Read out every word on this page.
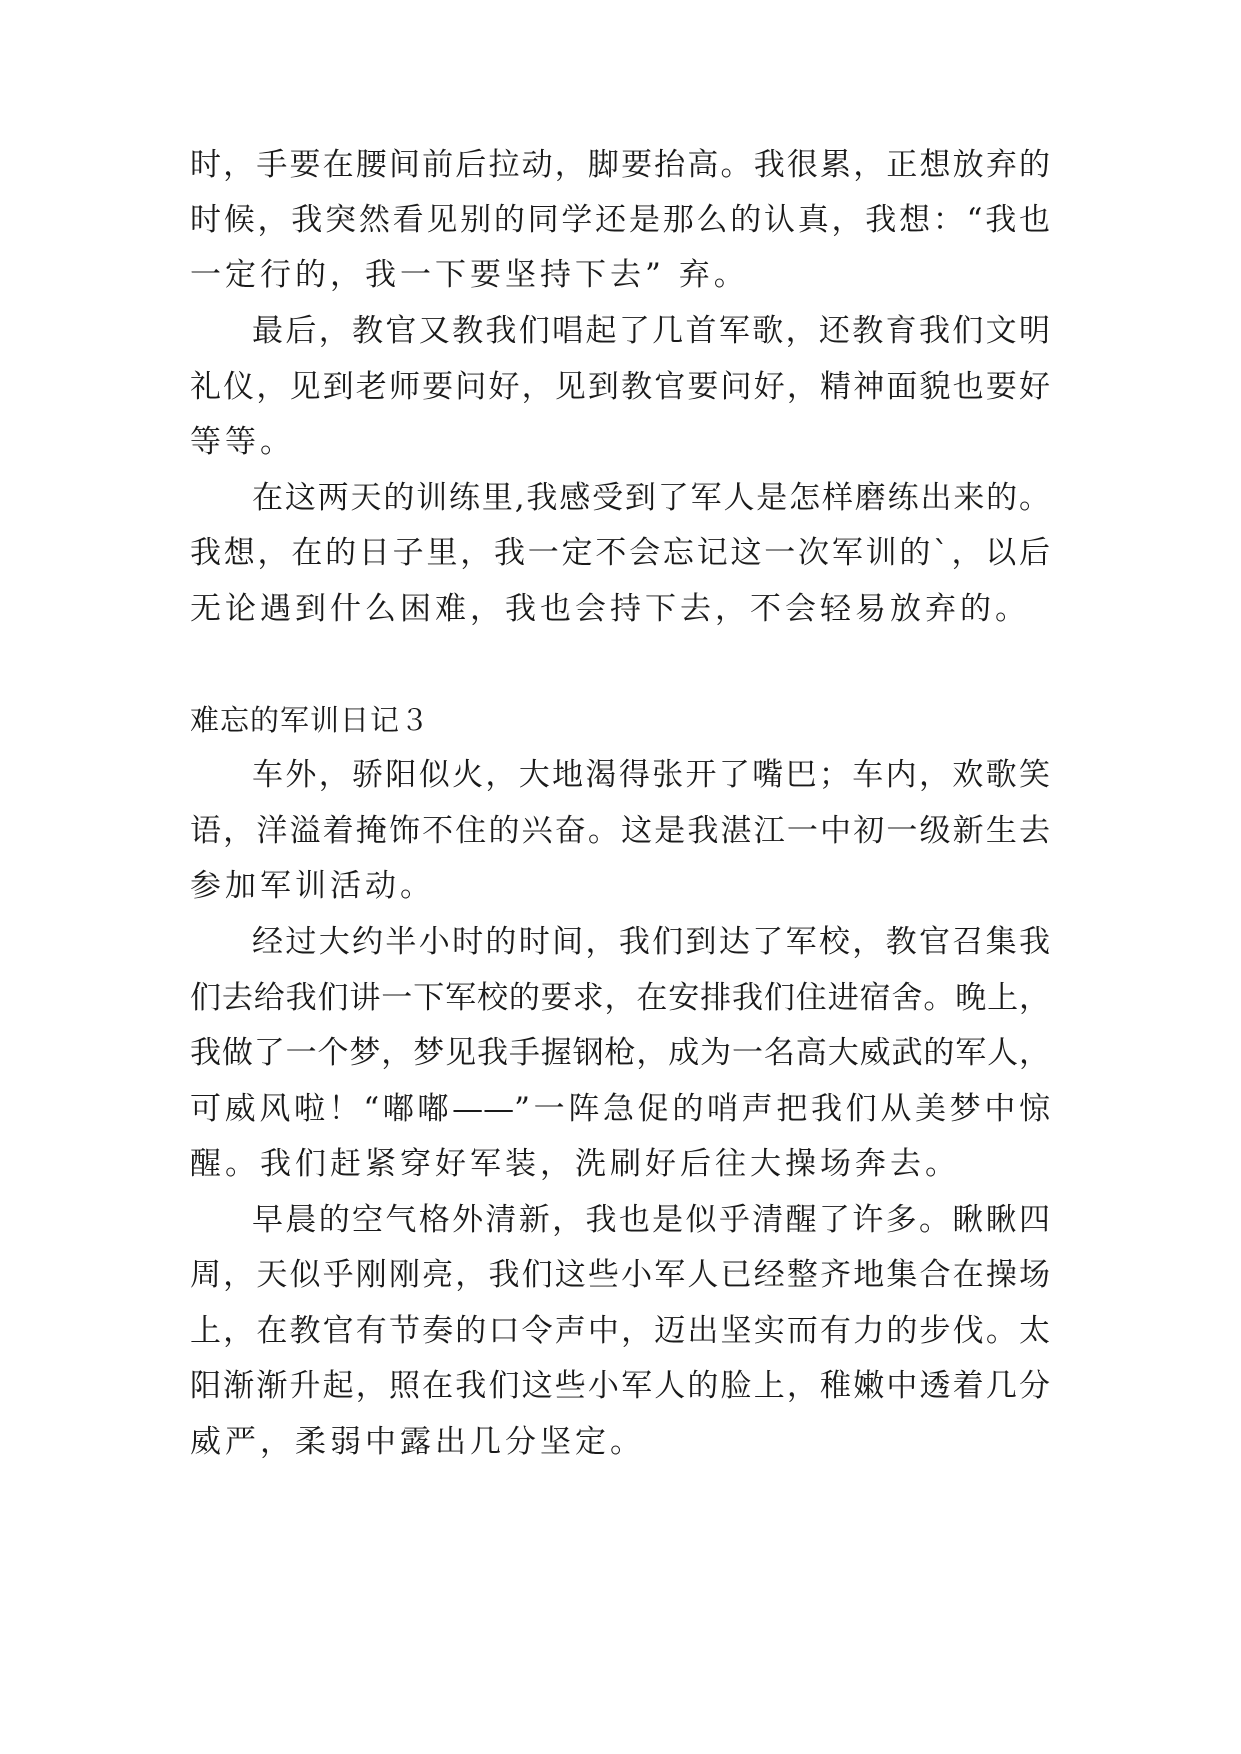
时，手要在腰间前后拉动，脚要抬高。我很累，正想放弃的
时候，我突然看见别的同学还是那么的认真，我想：“我也
一定行的，我一下要坚持下去” 弃。
最后，教官又教我们唱起了几首军歌，还教育我们文明
礼仪，见到老师要问好，见到教官要问好，精神面貌也要好
等等。
在这两天的训练里,我感受到了军人是怎样磨练出来的。
我想，在的日子里，我一定不会忘记这一次军训的`，以后
无论遇到什么困难，我也会持下去，不会轻易放弃的。
难忘的军训日记３
车外，骄阳似火，大地渴得张开了嘴巴；车内，欢歌笑
语，洋溢着掩饰不住的兴奋。这是我湛江一中初一级新生去
参加军训活动。
经过大约半小时的时间，我们到达了军校，教官召集我
们去给我们讲一下军校的要求，在安排我们住进宿舍。晚上，
我做了一个梦，梦见我手握钢枪，成为一名高大威武的军人，
可威风啦！“嘟嘟——”一阵急促的哨声把我们从美梦中惊
醒。我们赶紧穿好军装，洗刷好后往大操场奔去。
早晨的空气格外清新，我也是似乎清醒了许多。瞅瞅四
周，天似乎刚刚亮，我们这些小军人已经整齐地集合在操场
上，在教官有节奏的口令声中，迈出坚实而有力的步伐。太
阳渐渐升起，照在我们这些小军人的脸上，稚嫩中透着几分
威严，柔弱中露出几分坚定。
